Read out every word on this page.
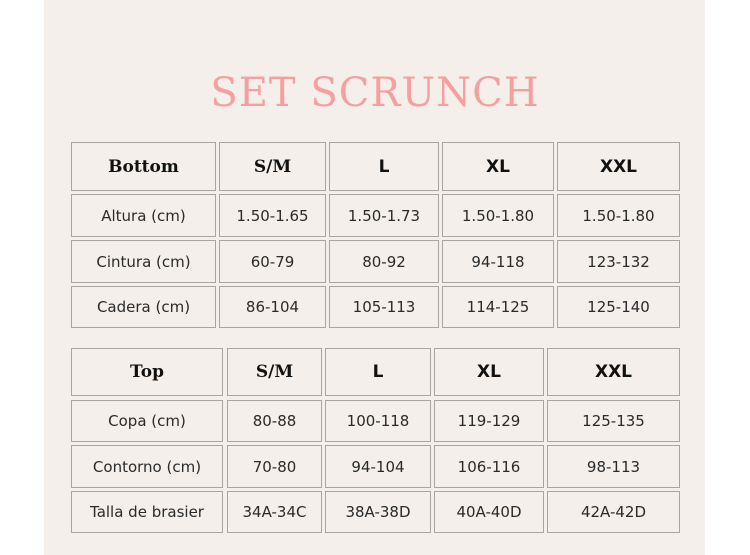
SET SCRUNCH
Bottom	S/M	L	XL	XXL
Altura (cm)	1.50-1.65	1.50-1.73	1.50-1.80	1.50-1.80
Cintura (cm)	60-79	80-92	94-118	123-132
Cadera (cm)	86-104	105-113	114-125	125-140
Top	S/M	L	XL	XXL
Copa (cm)	80-88	100-118	119-129	125-135
Contorno (cm)	70-80	94-104	106-116	98-113
Talla de brasier	34A-34C	38A-38D	40A-40D	42A-42D
